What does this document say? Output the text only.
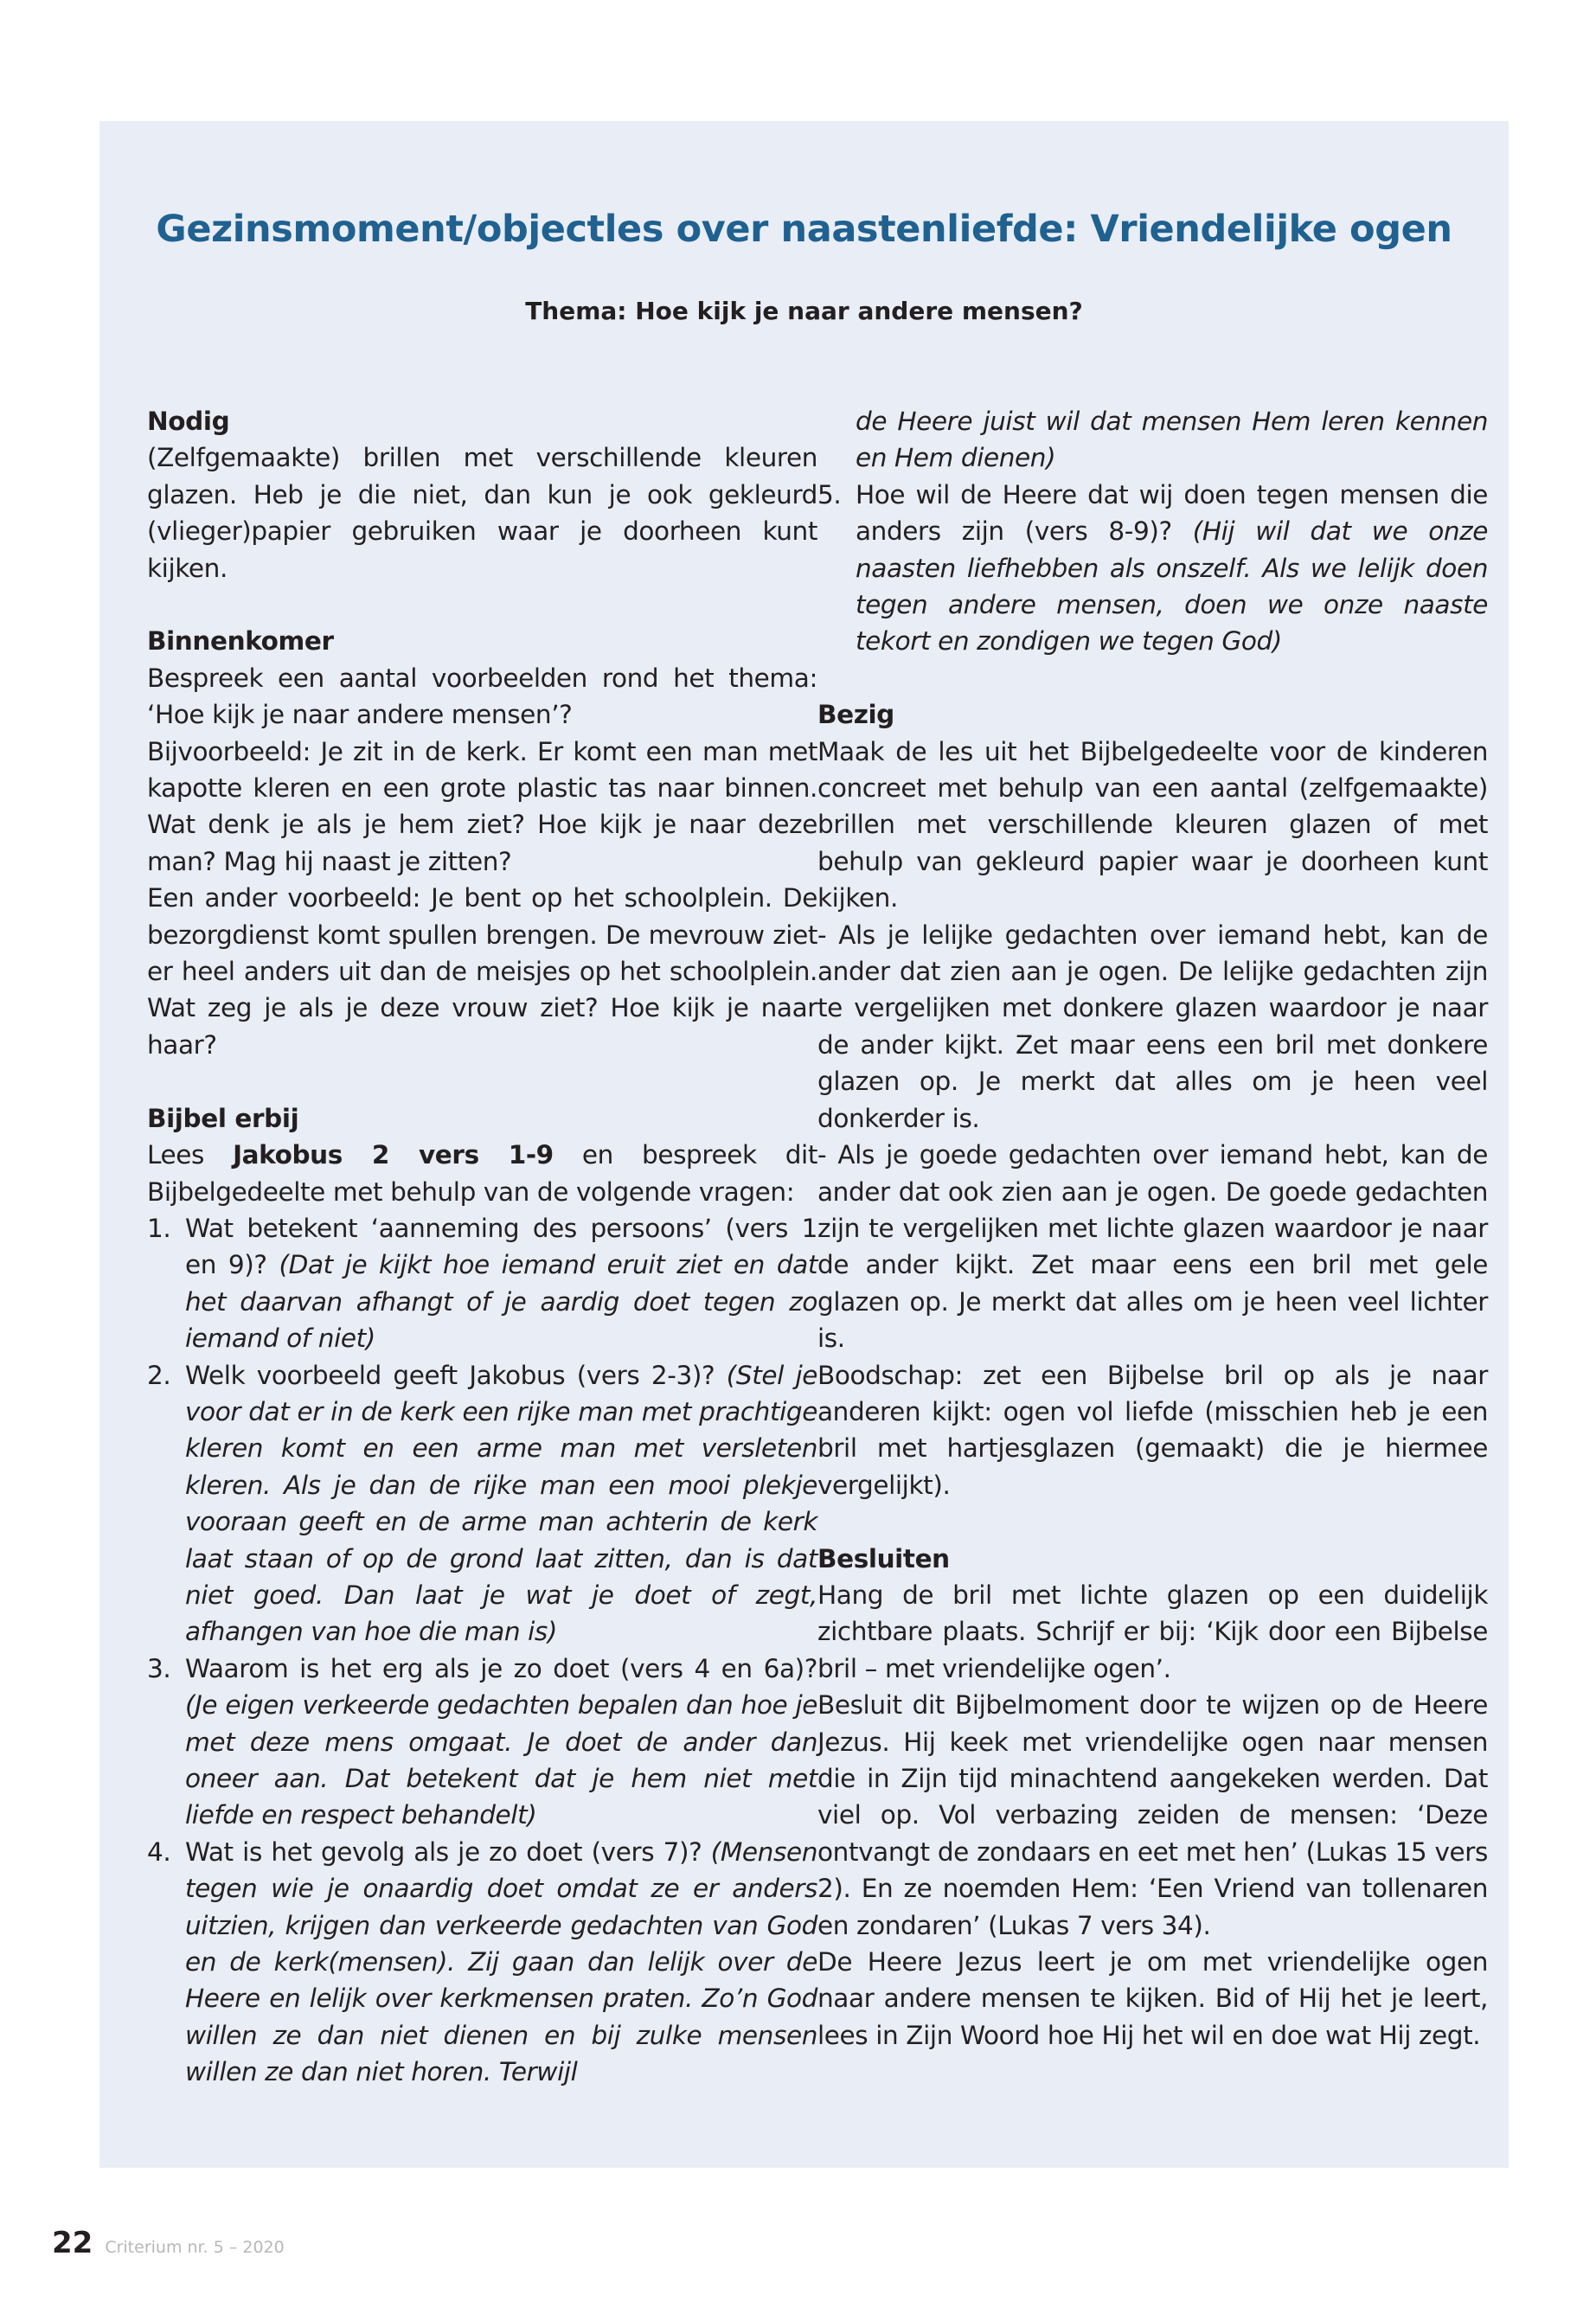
Gezinsmoment/objectles over naastenliefde: Vriendelijke ogen
Thema: Hoe kijk je naar andere mensen?
Nodig

(Zelfgemaakte) brillen met verschillende kleuren glazen. Heb je die niet, dan kun je ook gekleurd (vlieger)papier gebruiken waar je doorheen kunt kijken.

Binnenkomer

Bespreek een aantal voorbeelden rond het thema: ‘Hoe kijk je naar andere mensen’?

Bijvoorbeeld: Je zit in de kerk. Er komt een man met kapotte kleren en een grote plastic tas naar binnen. Wat denk je als je hem ziet? Hoe kijk je naar deze man? Mag hij naast je zitten?

Een ander voorbeeld: Je bent op het schoolplein. De bezorgdienst komt spullen brengen. De mevrouw ziet er heel anders uit dan de meisjes op het schoolplein. Wat zeg je als je deze vrouw ziet? Hoe kijk je naar haar?

Bijbel erbij

Lees Jakobus 2 vers 1-9 en bespreek dit Bijbelgedeelte met behulp van de volgende vragen:

1. Wat betekent ‘aanneming des persoons’ (vers 1 en 9)? (Dat je kijkt hoe iemand eruit ziet en dat het daarvan afhangt of je aardig doet tegen zo iemand of niet)
2. Welk voorbeeld geeft Jakobus (vers 2-3)? (Stel je voor dat er in de kerk een rijke man met prachtige kleren komt en een arme man met versleten kleren. Als je dan de rijke man een mooi plekje vooraan geeft en de arme man achterin de kerk laat staan of op de grond laat zitten, dan is dat niet goed. Dan laat je wat je doet of zegt, afhangen van hoe die man is)
3. Waarom is het erg als je zo doet (vers 4 en 6a)? (Je eigen verkeerde gedachten bepalen dan hoe je met deze mens omgaat. Je doet de ander dan oneer aan. Dat betekent dat je hem niet met liefde en respect behandelt)
4. Wat is het gevolg als je zo doet (vers 7)? (Mensen tegen wie je onaardig doet omdat ze er anders uitzien, krijgen dan verkeerde gedachten van God en de kerk(mensen). Zij gaan dan lelijk over de Heere en lelijk over kerkmensen praten. Zo’n God willen ze dan niet dienen en bij zulke mensen willen ze dan niet horen. Terwijl

de Heere juist wil dat mensen Hem leren kennen en Hem dienen)

5. Hoe wil de Heere dat wij doen tegen mensen die anders zijn (vers 8-9)? (Hij wil dat we onze naasten liefhebben als onszelf. Als we lelijk doen tegen andere mensen, doen we onze naaste tekort en zondigen we tegen God)
Bezig

Maak de les uit het Bijbelgedeelte voor de kinderen concreet met behulp van een aantal (zelfgemaakte) brillen met verschillende kleuren glazen of met behulp van gekleurd papier waar je doorheen kunt kijken.

- Als je lelijke gedachten over iemand hebt, kan de ander dat zien aan je ogen. De lelijke gedachten zijn te vergelijken met donkere glazen waardoor je naar de ander kijkt. Zet maar eens een bril met donkere glazen op. Je merkt dat alles om je heen veel donkerder is.

- Als je goede gedachten over iemand hebt, kan de ander dat ook zien aan je ogen. De goede gedachten zijn te vergelijken met lichte glazen waardoor je naar de ander kijkt. Zet maar eens een bril met gele glazen op. Je merkt dat alles om je heen veel lichter is.

Boodschap: zet een Bijbelse bril op als je naar anderen kijkt: ogen vol liefde (misschien heb je een bril met hartjesglazen (gemaakt) die je hiermee vergelijkt).

Besluiten

Hang de bril met lichte glazen op een duidelijk zichtbare plaats. Schrijf er bij: ‘Kijk door een Bijbelse bril – met vriendelijke ogen’.

Besluit dit Bijbelmoment door te wijzen op de Heere Jezus. Hij keek met vriendelijke ogen naar mensen die in Zijn tijd minachtend aangekeken werden. Dat viel op. Vol verbazing zeiden de mensen: ‘Deze ontvangt de zondaars en eet met hen’ (Lukas 15 vers 2). En ze noemden Hem: ‘Een Vriend van tollenaren en zondaren’ (Lukas 7 vers 34).

De Heere Jezus leert je om met vriendelijke ogen naar andere mensen te kijken. Bid of Hij het je leert, lees in Zijn Woord hoe Hij het wil en doe wat Hij zegt.

22 Criterium nr. 5 – 2020
